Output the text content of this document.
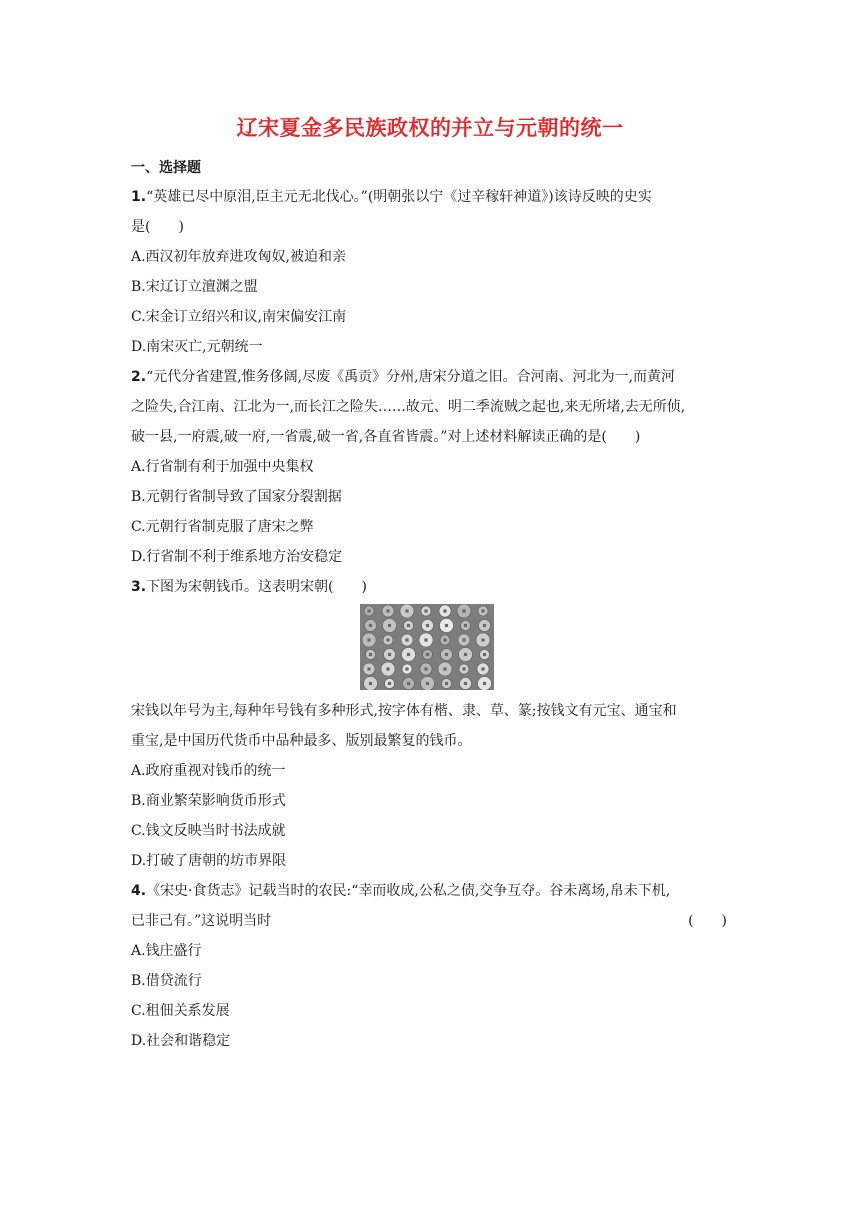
辽宋夏金多民族政权的并立与元朝的统一
一、选择题
1.“英雄已尽中原泪,臣主元无北伐心。”(明朝张以宁《过辛稼轩神道》)该诗反映的史实
是(　　)
A.西汉初年放弃进攻匈奴,被迫和亲
B.宋辽订立澶渊之盟
C.宋金订立绍兴和议,南宋偏安江南
D.南宋灭亡,元朝统一
2.“元代分省建置,惟务侈阔,尽废《禹贡》分州,唐宋分道之旧。合河南、河北为一,而黄河
之险失,合江南、江北为一,而长江之险失……故元、明二季流贼之起也,来无所堵,去无所侦,
破一县,一府震,破一府,一省震,破一省,各直省皆震。”对上述材料解读正确的是(　　)
A.行省制有利于加强中央集权
B.元朝行省制导致了国家分裂割据
C.元朝行省制克服了唐宋之弊
D.行省制不利于维系地方治安稳定
3.下图为宋朝钱币。这表明宋朝(　　)
宋钱以年号为主,每种年号钱有多种形式,按字体有楷、隶、草、篆;按钱文有元宝、通宝和
重宝,是中国历代货币中品种最多、版别最繁复的钱币。
A.政府重视对钱币的统一
B.商业繁荣影响货币形式
C.钱文反映当时书法成就
D.打破了唐朝的坊市界限
4.《宋史·食货志》记载当时的农民:“幸而收成,公私之债,交争互夺。谷未离场,帛未下机,
已非己有。”这说明当时	(　　)
A.钱庄盛行
B.借贷流行
C.租佃关系发展
D.社会和谐稳定
